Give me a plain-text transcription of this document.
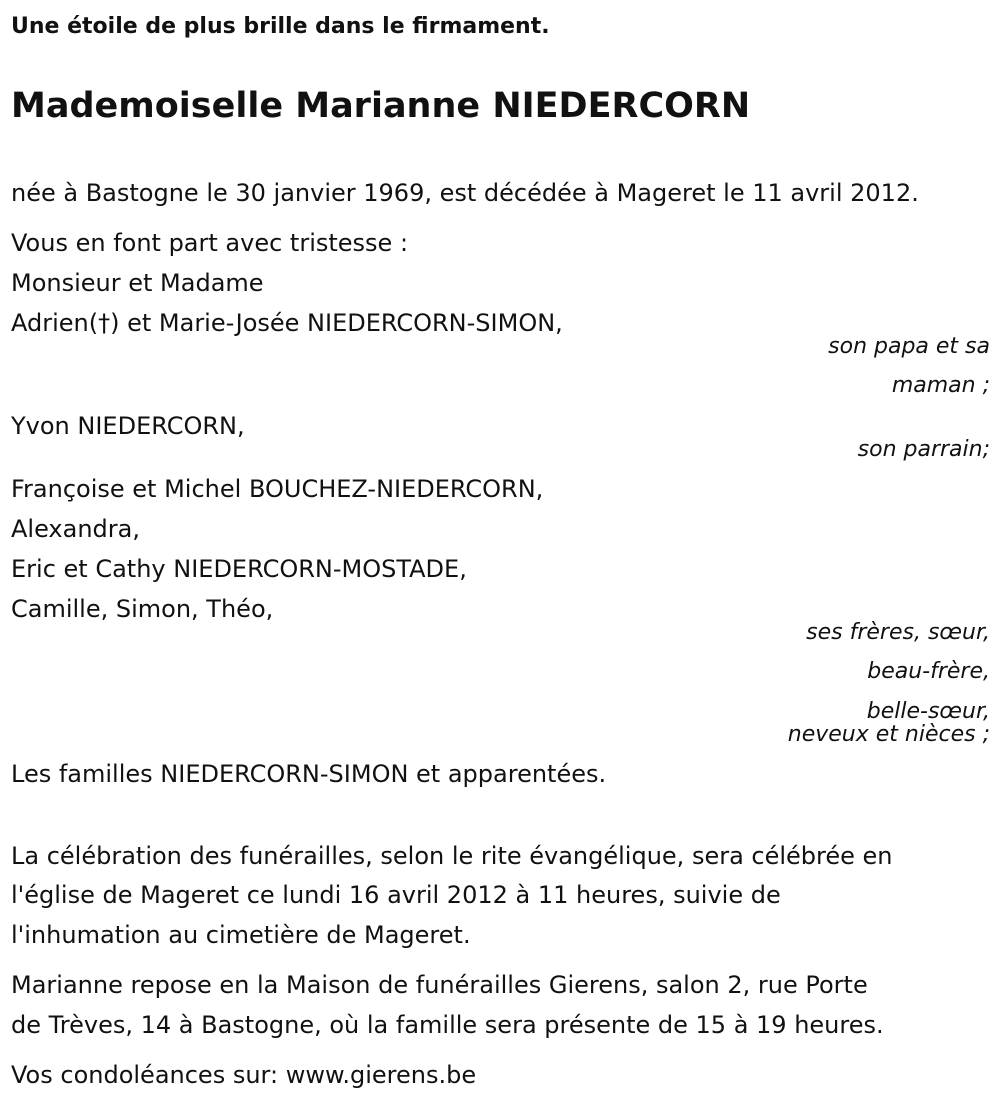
Une étoile de plus brille dans le firmament.
Mademoiselle Marianne NIEDERCORN
née à Bastogne le 30 janvier 1969, est décédée à Mageret le 11 avril 2012.
Vous en font part avec tristesse :
Monsieur et Madame
Adrien(†) et Marie-Josée NIEDERCORN-SIMON,
son papa et sa
maman ;
Yvon NIEDERCORN,
son parrain;
Françoise et Michel BOUCHEZ-NIEDERCORN,
Alexandra,
Eric et Cathy NIEDERCORN-MOSTADE,
Camille, Simon, Théo,
ses frères, sœur,
beau-frère,
belle-sœur,
neveux et nièces ;
Les familles NIEDERCORN-SIMON et apparentées.
La célébration des funérailles, selon le rite évangélique, sera célébrée en
l'église de Mageret ce lundi 16 avril 2012 à 11 heures, suivie de
l'inhumation au cimetière de Mageret.
Marianne repose en la Maison de funérailles Gierens, salon 2, rue Porte
de Trèves, 14 à Bastogne, où la famille sera présente de 15 à 19 heures.
Vos condoléances sur: www.gierens.be
